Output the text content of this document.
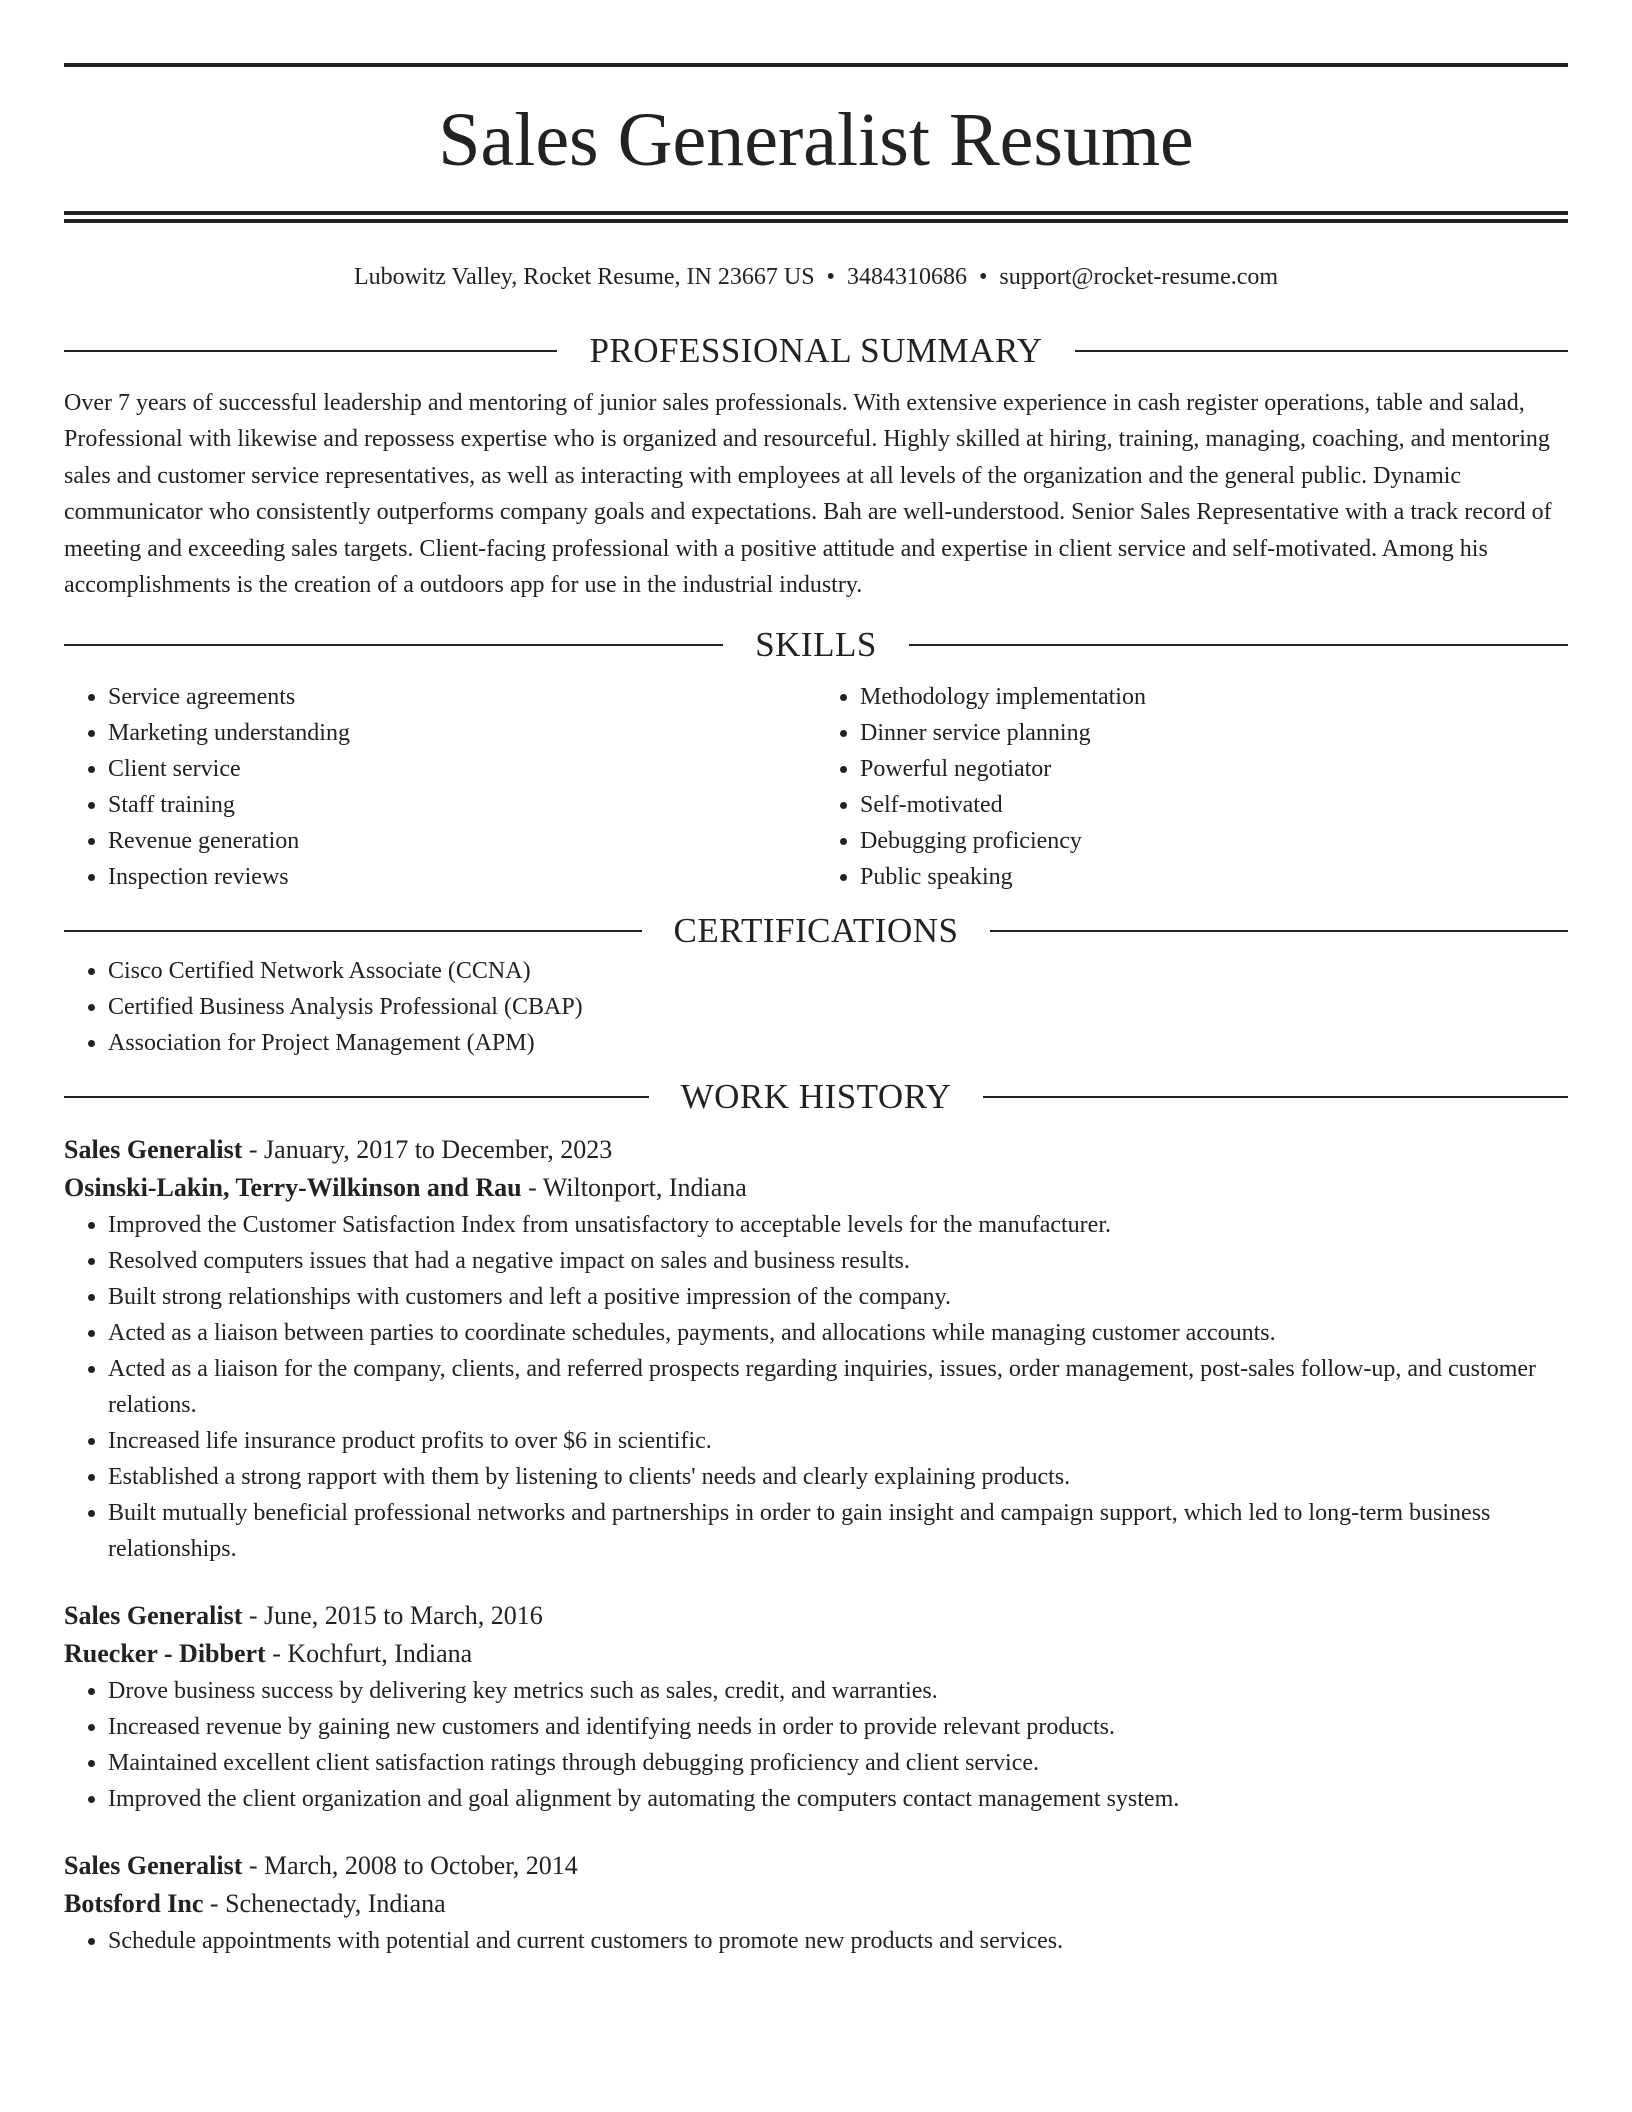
Sales Generalist Resume
Lubowitz Valley, Rocket Resume, IN 23667 US • 3484310686 • support@rocket-resume.com
PROFESSIONAL SUMMARY

Over 7 years of successful leadership and mentoring of junior sales professionals. With extensive experience in cash register operations, table and salad, Professional with likewise and repossess expertise who is organized and resourceful. Highly skilled at hiring, training, managing, coaching, and mentoring sales and customer service representatives, as well as interacting with employees at all levels of the organization and the general public. Dynamic communicator who consistently outperforms company goals and expectations. Bah are well-understood. Senior Sales Representative with a track record of meeting and exceeding sales targets. Client-facing professional with a positive attitude and expertise in client service and self-motivated. Among his accomplishments is the creation of a outdoors app for use in the industrial industry.

SKILLS
• Service agreements
• Marketing understanding
• Client service
• Staff training
• Revenue generation
• Inspection reviews
• Methodology implementation
• Dinner service planning
• Powerful negotiator
• Self-motivated
• Debugging proficiency
• Public speaking
CERTIFICATIONS
• Cisco Certified Network Associate (CCNA)
• Certified Business Analysis Professional (CBAP)
• Association for Project Management (APM)
WORK HISTORY
Sales Generalist - January, 2017 to December, 2023
Osinski-Lakin, Terry-Wilkinson and Rau - Wiltonport, Indiana
• Improved the Customer Satisfaction Index from unsatisfactory to acceptable levels for the manufacturer.
• Resolved computers issues that had a negative impact on sales and business results.
• Built strong relationships with customers and left a positive impression of the company.
• Acted as a liaison between parties to coordinate schedules, payments, and allocations while managing customer accounts.
• Acted as a liaison for the company, clients, and referred prospects regarding inquiries, issues, order management, post-sales follow-up, and customer relations.
• Increased life insurance product profits to over $6 in scientific.
• Established a strong rapport with them by listening to clients' needs and clearly explaining products.
• Built mutually beneficial professional networks and partnerships in order to gain insight and campaign support, which led to long-term business relationships.
Sales Generalist - June, 2015 to March, 2016
Ruecker - Dibbert - Kochfurt, Indiana
• Drove business success by delivering key metrics such as sales, credit, and warranties.
• Increased revenue by gaining new customers and identifying needs in order to provide relevant products.
• Maintained excellent client satisfaction ratings through debugging proficiency and client service.
• Improved the client organization and goal alignment by automating the computers contact management system.
Sales Generalist - March, 2008 to October, 2014
Botsford Inc - Schenectady, Indiana
• Schedule appointments with potential and current customers to promote new products and services.
